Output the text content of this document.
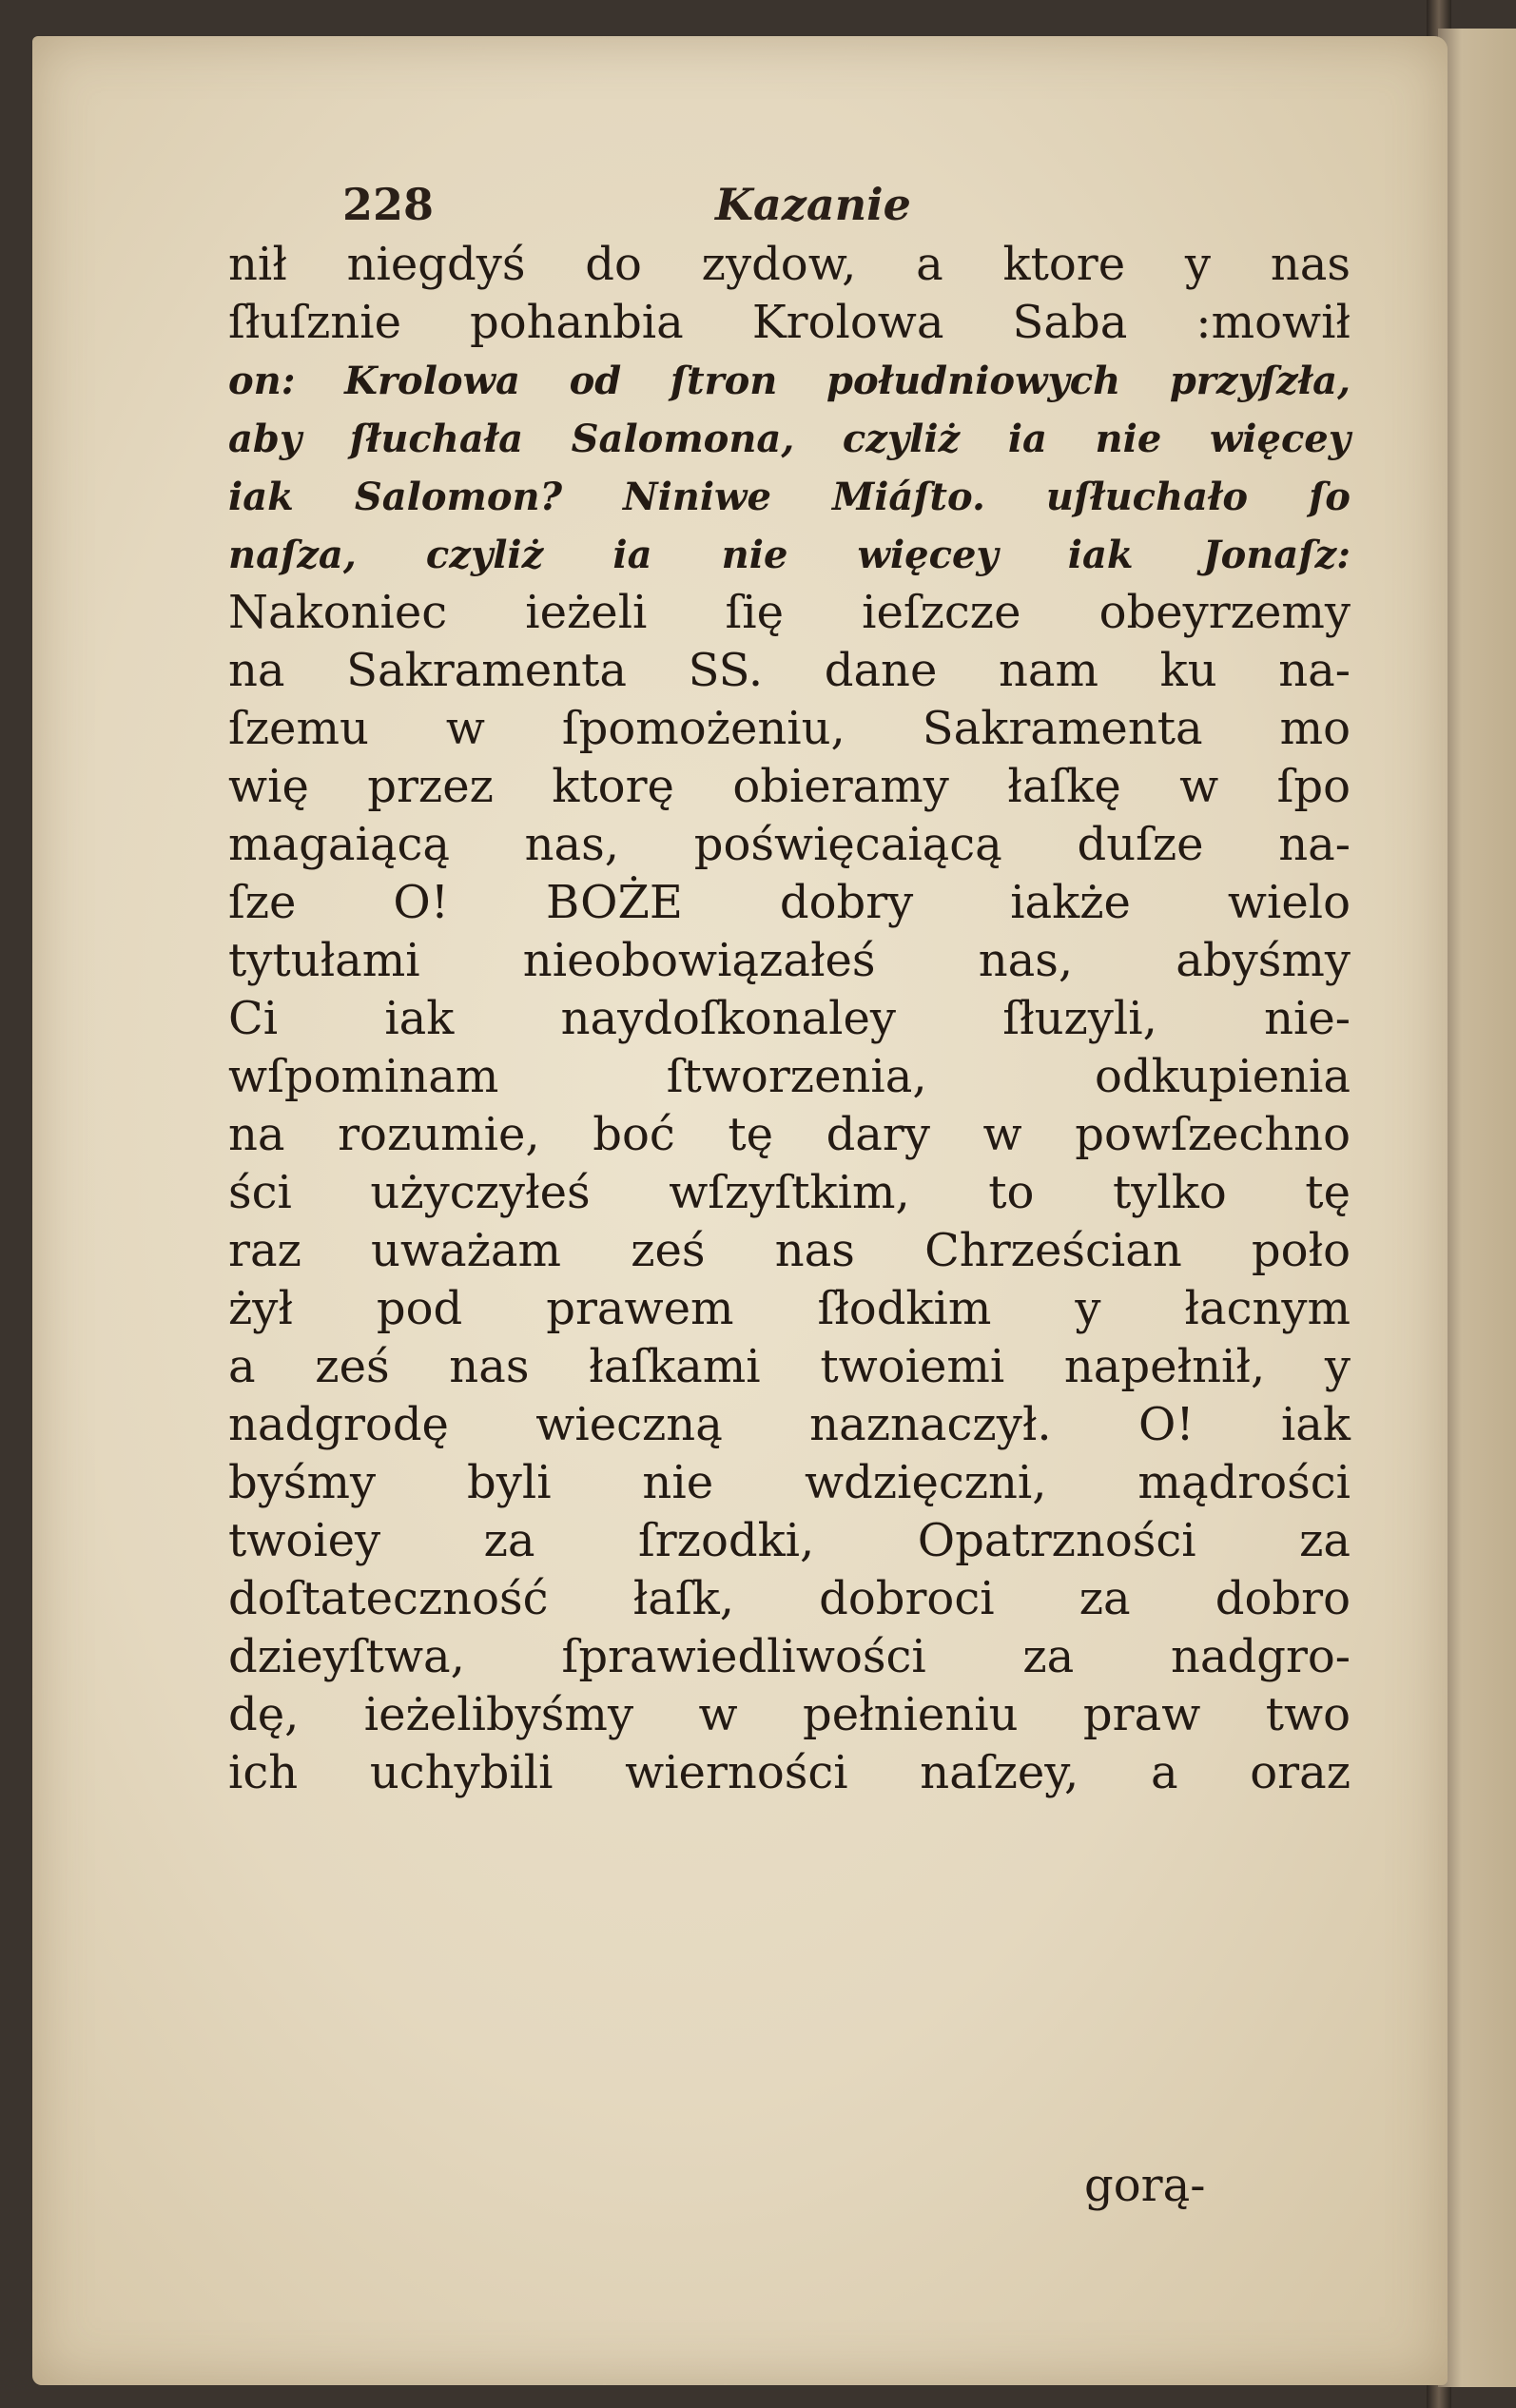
228	Kazanie
nił niegdyś do zydow, a ktore y nas
ſłuſznie pohanbia Krolowa Saba :mowił
on: Krolowa od ſtron południowych przyſzła,
aby ſłuchała Salomona, czyliż ia nie więcey
iak Salomon? Niniwe Miáſto. uſłuchało ſo
naſza, czyliż ia nie więcey iak Jonaſz:
Nakoniec ieżeli ſię ieſzcze obeyrzemy
na Sakramenta SS. dane nam ku na-
ſzemu w ſpomożeniu, Sakramenta mo
wię przez ktorę obieramy łaſkę w ſpo
magaiącą nas, poświęcaiącą duſze na-
ſze O! BOŻE dobry iakże wielo
tytułami nieobowiązałeś nas, abyśmy
Ci iak naydoſkonaley ſłuzyli, nie-
wſpominam ſtworzenia, odkupienia
na rozumie, boć tę dary w powſzechno
ści użyczyłeś wſzyſtkim, to tylko tę
raz uważam ześ nas Chrześcian poło
żył pod prawem ſłodkim y łacnym
a ześ nas łaſkami twoiemi napełnił, y
nadgrodę wieczną naznaczył. O! iak
byśmy byli nie wdzięczni, mądrości
twoiey za ſrzodki, Opatrzności za
doſtateczność łaſk, dobroci za dobro
dzieyſtwa, ſprawiedliwości za nadgro-
dę, ieżelibyśmy w pełnieniu praw two
ich uchybili wierności naſzey, a oraz
gorą-
